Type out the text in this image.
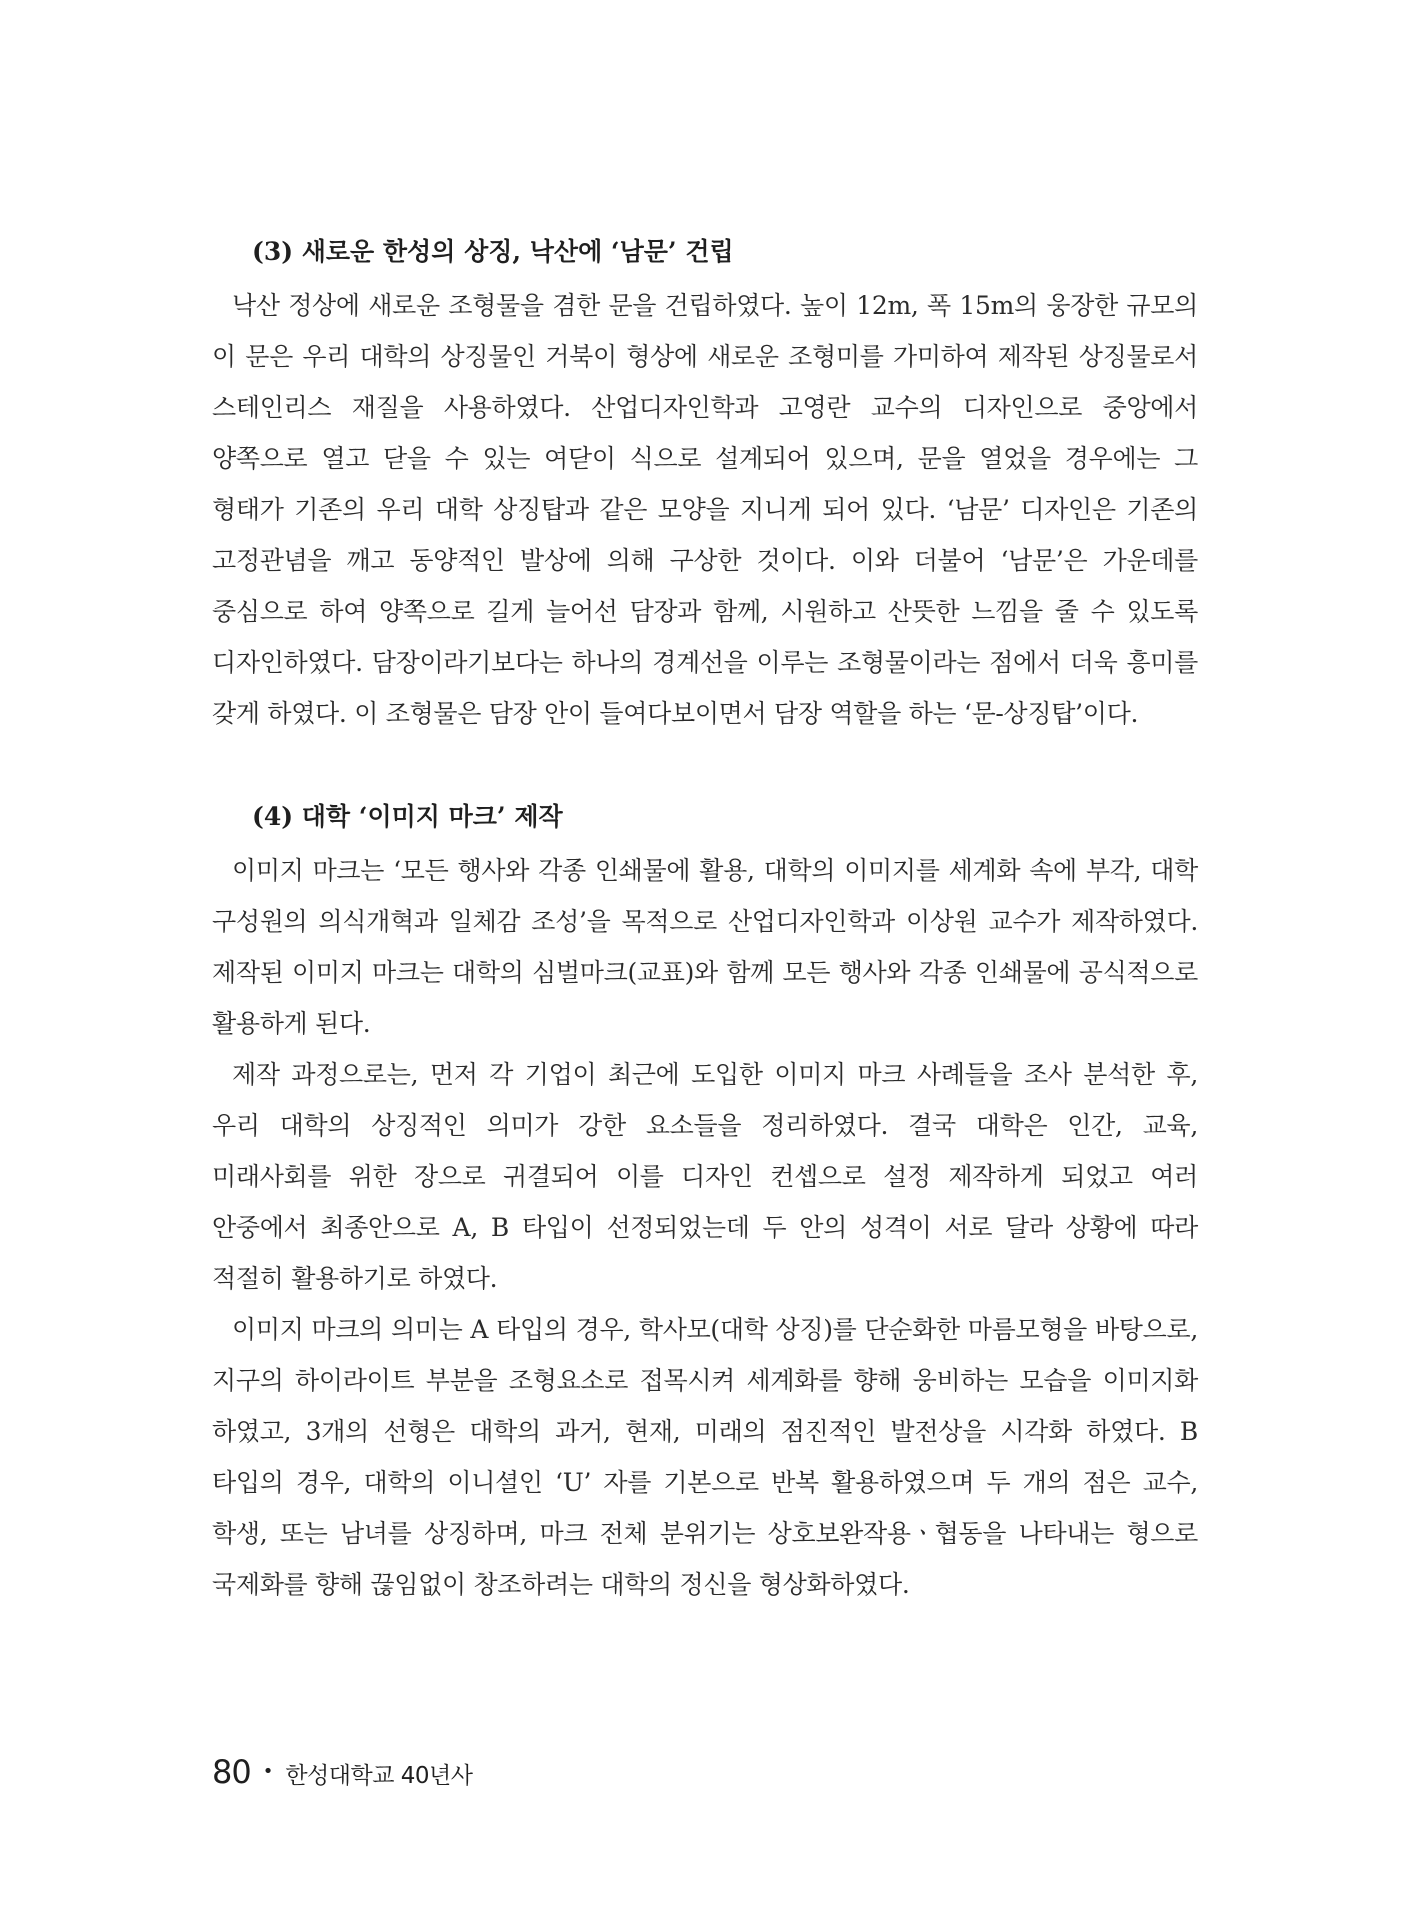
(3) 새로운 한성의 상징, 낙산에 ‘남문’ 건립

낙산 정상에 새로운 조형물을 겸한 문을 건립하였다. 높이 12m, 폭 15m의 웅장한 규모의 이 문은 우리 대학의 상징물인 거북이 형상에 새로운 조형미를 가미하여 제작된 상징물로서 스테인리스 재질을 사용하였다. 산업디자인학과 고영란 교수의 디자인으로 중앙에서 양쪽으로 열고 닫을 수 있는 여닫이 식으로 설계되어 있으며, 문을 열었을 경우에는 그 형태가 기존의 우리 대학 상징탑과 같은 모양을 지니게 되어 있다. ‘남문’ 디자인은 기존의 고정관념을 깨고 동양적인 발상에 의해 구상한 것이다. 이와 더불어 ‘남문’은 가운데를 중심으로 하여 양쪽으로 길게 늘어선 담장과 함께, 시원하고 산뜻한 느낌을 줄 수 있도록 디자인하였다. 담장이라기보다는 하나의 경계선을 이루는 조형물이라는 점에서 더욱 흥미를 갖게 하였다. 이 조형물은 담장 안이 들여다보이면서 담장 역할을 하는 ‘문-상징탑’이다.

(4) 대학 ‘이미지 마크’ 제작

이미지 마크는 ‘모든 행사와 각종 인쇄물에 활용, 대학의 이미지를 세계화 속에 부각, 대학 구성원의 의식개혁과 일체감 조성’을 목적으로 산업디자인학과 이상원 교수가 제작하였다. 제작된 이미지 마크는 대학의 심벌마크(교표)와 함께 모든 행사와 각종 인쇄물에 공식적으로 활용하게 된다.

제작 과정으로는, 먼저 각 기업이 최근에 도입한 이미지 마크 사례들을 조사 분석한 후, 우리 대학의 상징적인 의미가 강한 요소들을 정리하였다. 결국 대학은 인간, 교육, 미래사회를 위한 장으로 귀결되어 이를 디자인 컨셉으로 설정 제작하게 되었고 여러 안중에서 최종안으로 A, B 타입이 선정되었는데 두 안의 성격이 서로 달라 상황에 따라 적절히 활용하기로 하였다.

이미지 마크의 의미는 A 타입의 경우, 학사모(대학 상징)를 단순화한 마름모형을 바탕으로, 지구의 하이라이트 부분을 조형요소로 접목시켜 세계화를 향해 웅비하는 모습을 이미지화 하였고, 3개의 선형은 대학의 과거, 현재, 미래의 점진적인 발전상을 시각화 하였다. B 타입의 경우, 대학의 이니셜인 ‘U’ 자를 기본으로 반복 활용하였으며 두 개의 점은 교수, 학생, 또는 남녀를 상징하며, 마크 전체 분위기는 상호보완작용ㆍ협동을 나타내는 형으로 국제화를 향해 끊임없이 창조하려는 대학의 정신을 형상화하였다.

80 • 한성대학교 40년사
